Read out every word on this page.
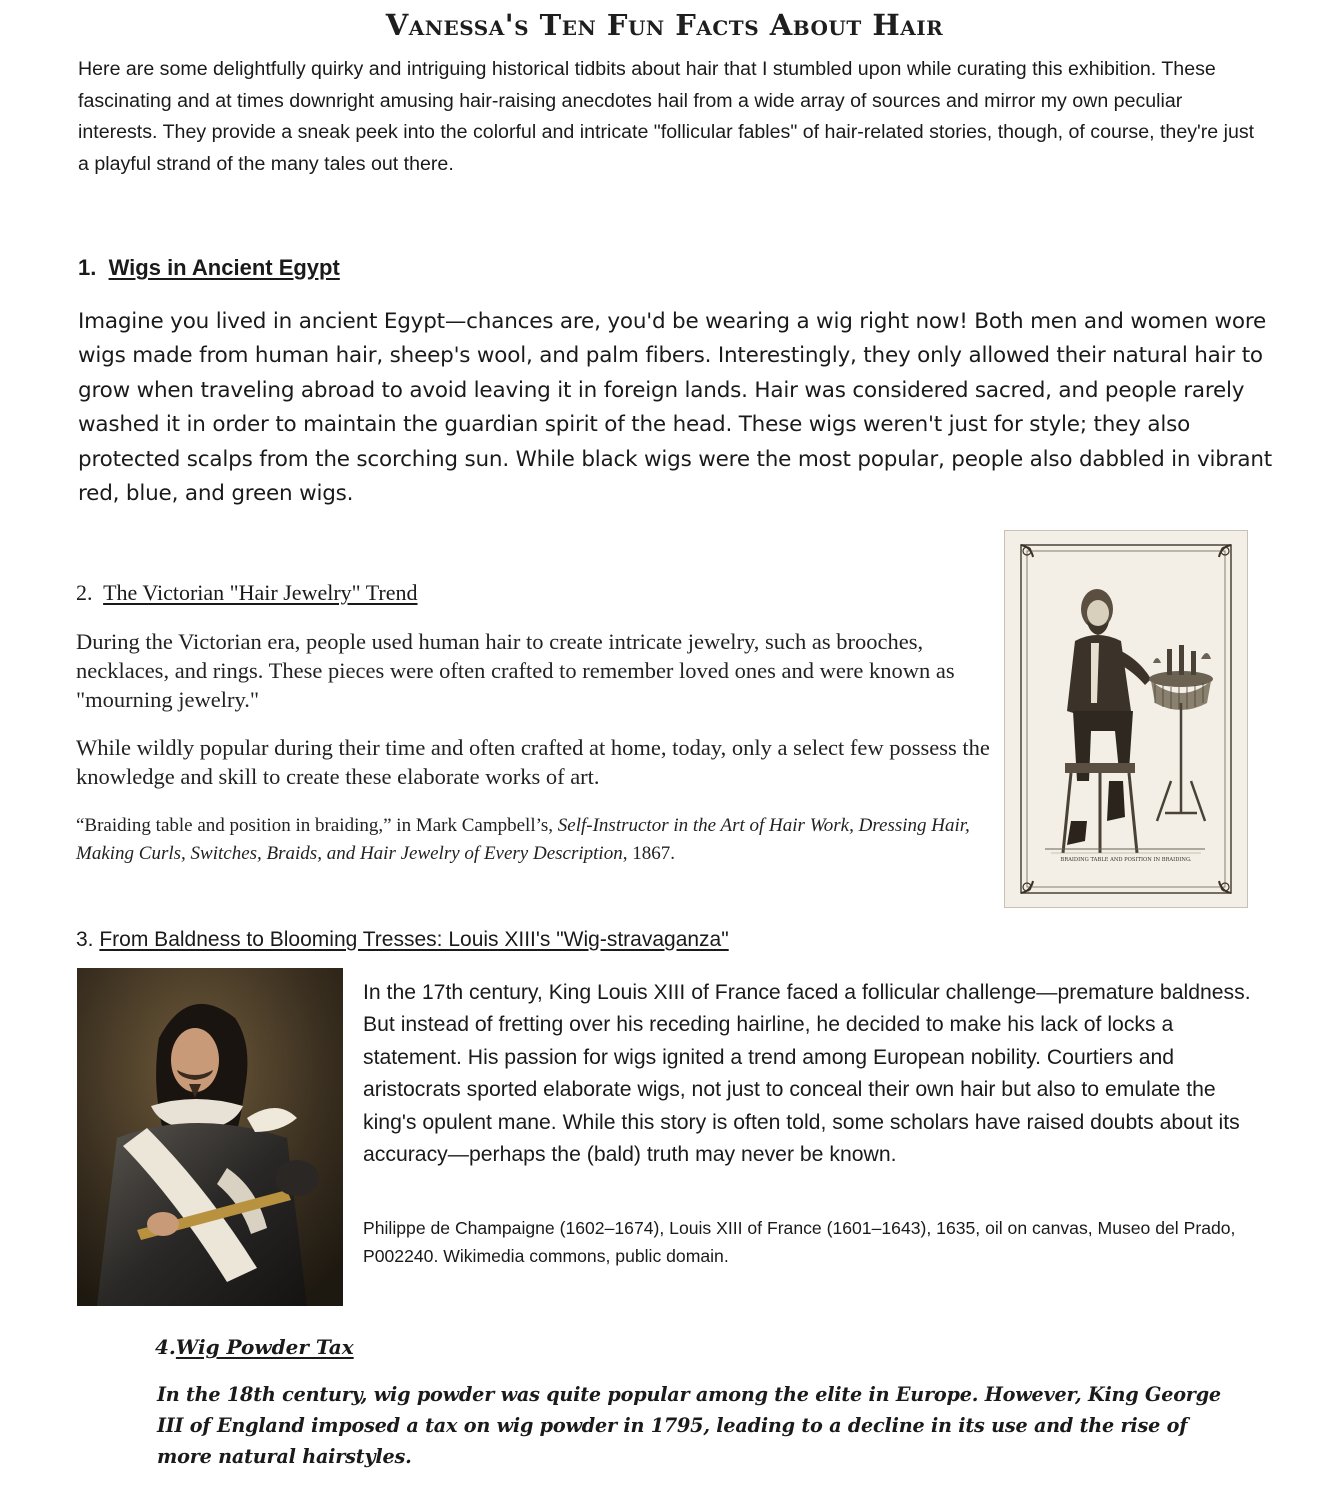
Vanessa's Ten Fun Facts About Hair

Here are some delightfully quirky and intriguing historical tidbits about hair that I stumbled upon while curating this exhibition. These fascinating and at times downright amusing hair-raising anecdotes hail from a wide array of sources and mirror my own peculiar interests. They provide a sneak peek into the colorful and intricate "follicular fables" of hair-related stories, though, of course, they're just a playful strand of the many tales out there.

1. Wigs in Ancient Egypt

Imagine you lived in ancient Egypt—chances are, you'd be wearing a wig right now! Both men and women wore wigs made from human hair, sheep's wool, and palm fibers. Interestingly, they only allowed their natural hair to grow when traveling abroad to avoid leaving it in foreign lands. Hair was considered sacred, and people rarely washed it in order to maintain the guardian spirit of the head. These wigs weren't just for style; they also protected scalps from the scorching sun. While black wigs were the most popular, people also dabbled in vibrant red, blue, and green wigs.

2. The Victorian "Hair Jewelry" Trend

During the Victorian era, people used human hair to create intricate jewelry, such as brooches, necklaces, and rings. These pieces were often crafted to remember loved ones and were known as "mourning jewelry."

While wildly popular during their time and often crafted at home, today, only a select few possess the knowledge and skill to create these elaborate works of art.

“Braiding table and position in braiding,” in Mark Campbell’s, Self-Instructor in the Art of Hair Work, Dressing Hair, Making Curls, Switches, Braids, and Hair Jewelry of Every Description, 1867.	BRAIDING TABLE AND POSITION IN BRAIDING.
3. From Baldness to Blooming Tresses: Louis XIII's "Wig-stravaganza"

In the 17th century, King Louis XIII of France faced a follicular challenge—premature baldness. But instead of fretting over his receding hairline, he decided to make his lack of locks a statement. His passion for wigs ignited a trend among European nobility. Courtiers and aristocrats sported elaborate wigs, not just to conceal their own hair but also to emulate the king's opulent mane. While this story is often told, some scholars have raised doubts about its accuracy—perhaps the (bald) truth may never be known.

Philippe de Champaigne (1602–1674), Louis XIII of France (1601–1643), 1635, oil on canvas, Museo del Prado, P002240. Wikimedia commons, public domain.

4.Wig Powder Tax

In the 18th century, wig powder was quite popular among the elite in Europe. However, King George III of England imposed a tax on wig powder in 1795, leading to a decline in its use and the rise of more natural hairstyles.
